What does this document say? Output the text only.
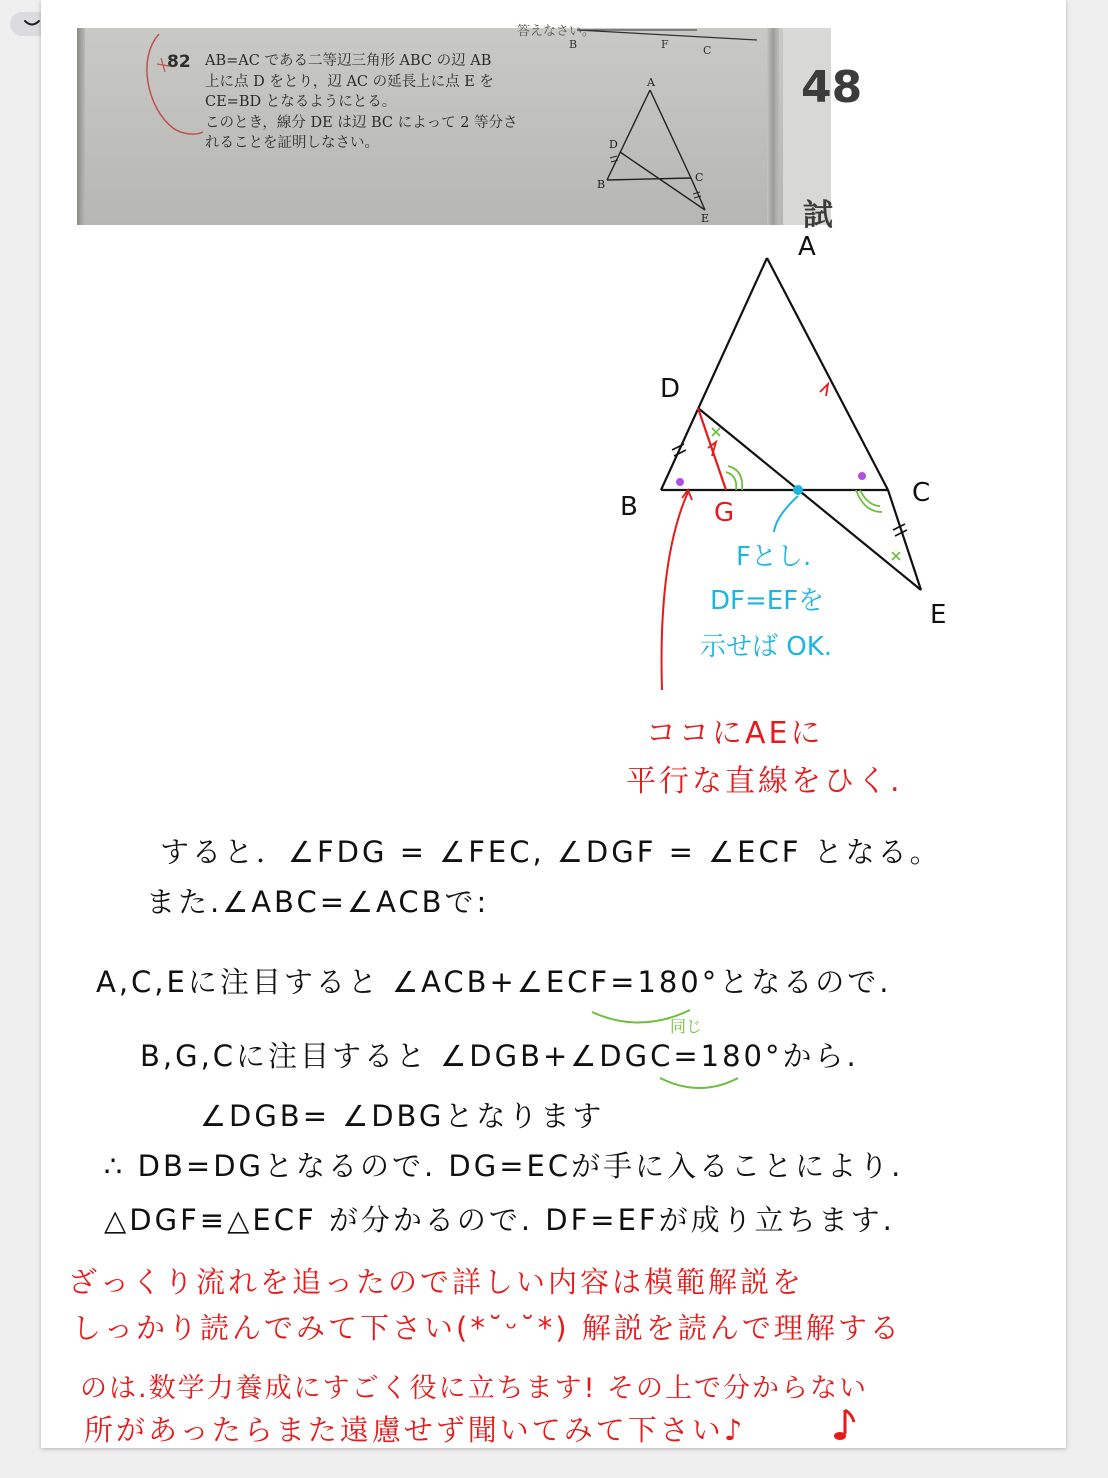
48
試
答えなさい。
82 AB=AC である二等辺三角形 ABC の辺 AB
上に点 D をとり，辺 AC の延長上に点 E を
CE=BD となるようにとる。
このとき，線分 DE は辺 BC によって 2 等分さ
れることを証明しなさい。
B	F	C
A
D
B
C
E
A
D
B	C
E
G
Fとし.
DF=EFを
示せば OK.
ココにAEに
平行な直線をひく.
すると．∠FDG = ∠FEC, ∠DGF = ∠ECF となる。
また.∠ABC=∠ACBで:
A,C,Eに注目すると ∠ACB+∠ECF=180°となるので.
同じ
B,G,Cに注目すると ∠DGB+∠DGC=180°から.
∠DGB= ∠DBGとなります
∴ DB=DGとなるので. DG=ECが手に入ることにより.
△DGF≡△ECF が分かるので. DF=EFが成り立ちます.
ざっくり流れを追ったので詳しい内容は模範解説を
しっかり読んでみて下さい(*˘ᵕ˘*) 解説を読んで理解する
のは.数学力養成にすごく役に立ちます! その上で分からない
所があったらまた遠慮せず聞いてみて下さい♪
